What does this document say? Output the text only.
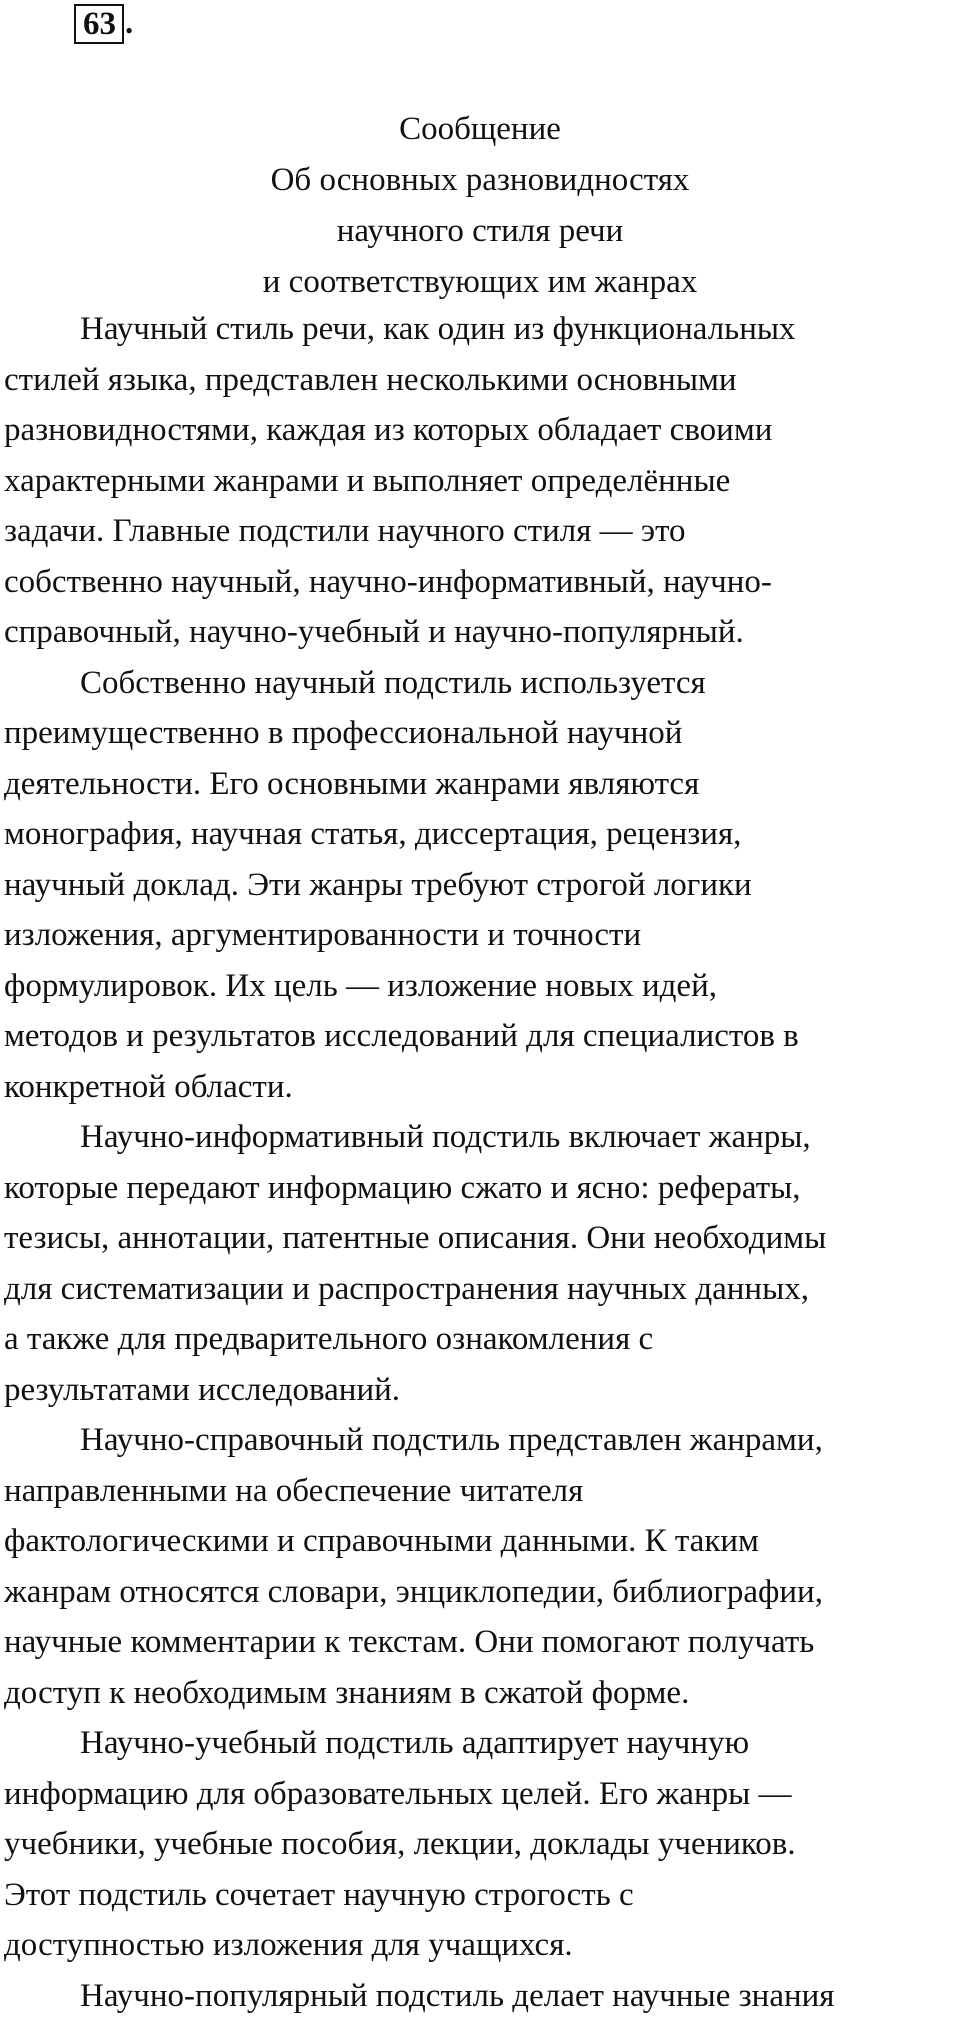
63 .
Сообщение
Об основных разновидностях
научного стиля речи
и соответствующих им жанрах
Научный стиль речи, как один из функциональных
стилей языка, представлен несколькими основными
разновидностями, каждая из которых обладает своими
характерными жанрами и выполняет определённые
задачи. Главные подстили научного стиля — это
собственно научный, научно-информативный, научно-
справочный, научно-учебный и научно-популярный.
Собственно научный подстиль используется
преимущественно в профессиональной научной
деятельности. Его основными жанрами являются
монография, научная статья, диссертация, рецензия,
научный доклад. Эти жанры требуют строгой логики
изложения, аргументированности и точности
формулировок. Их цель — изложение новых идей,
методов и результатов исследований для специалистов в
конкретной области.
Научно-информативный подстиль включает жанры,
которые передают информацию сжато и ясно: рефераты,
тезисы, аннотации, патентные описания. Они необходимы
для систематизации и распространения научных данных,
а также для предварительного ознакомления с
результатами исследований.
Научно-справочный подстиль представлен жанрами,
направленными на обеспечение читателя
фактологическими и справочными данными. К таким
жанрам относятся словари, энциклопедии, библиографии,
научные комментарии к текстам. Они помогают получать
доступ к необходимым знаниям в сжатой форме.
Научно-учебный подстиль адаптирует научную
информацию для образовательных целей. Его жанры —
учебники, учебные пособия, лекции, доклады учеников.
Этот подстиль сочетает научную строгость с
доступностью изложения для учащихся.
Научно-популярный подстиль делает научные знания
